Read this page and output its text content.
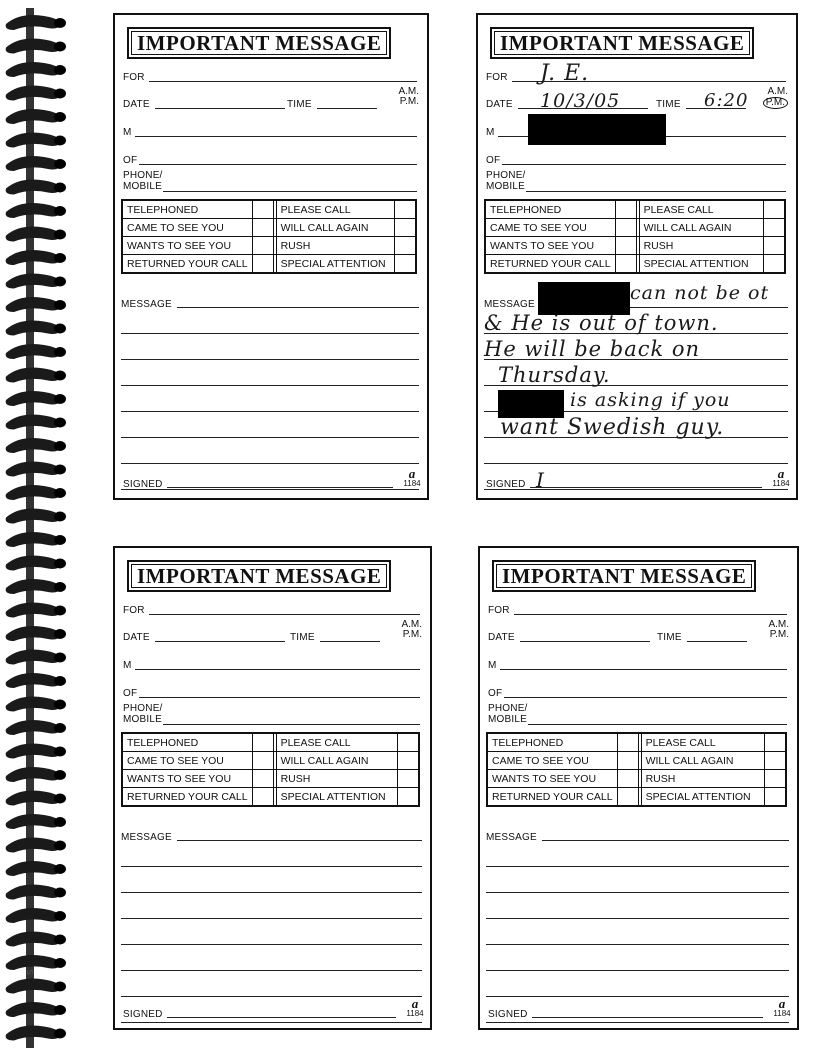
S
IMPORTANT MESSAGE
FOR
DATE	TIME
A.M.
P.M.
M
OF
PHONE/
MOBILE
TELEPHONED			PLEASE CALL	
CAME TO SEE YOU			WILL CALL AGAIN	
WANTS TO SEE YOU			RUSH	
RETURNED YOUR CALL			SPECIAL ATTENTION	
MESSAGE
SIGNED
a
1184
IMPORTANT MESSAGE
FOR
DATE	TIME
A.M.
P.M.
M
OF
PHONE/
MOBILE
TELEPHONED			PLEASE CALL	
CAME TO SEE YOU			WILL CALL AGAIN	
WANTS TO SEE YOU			RUSH	
RETURNED YOUR CALL			SPECIAL ATTENTION	
MESSAGE
SIGNED
a
1184
J. E.
10/3/05	6:20
can not be ot
& He is out of town.
He will be back on
Thursday.
is asking if you
want Swedish guy.
I
IMPORTANT MESSAGE
FOR
DATE	TIME
A.M.
P.M.
M
OF
PHONE/
MOBILE
TELEPHONED			PLEASE CALL	
CAME TO SEE YOU			WILL CALL AGAIN	
WANTS TO SEE YOU			RUSH	
RETURNED YOUR CALL			SPECIAL ATTENTION	
MESSAGE
SIGNED
a
1184
IMPORTANT MESSAGE
FOR
DATE	TIME
A.M.
P.M.
M
OF
PHONE/
MOBILE
TELEPHONED			PLEASE CALL	
CAME TO SEE YOU			WILL CALL AGAIN	
WANTS TO SEE YOU			RUSH	
RETURNED YOUR CALL			SPECIAL ATTENTION	
MESSAGE
SIGNED
a
1184
